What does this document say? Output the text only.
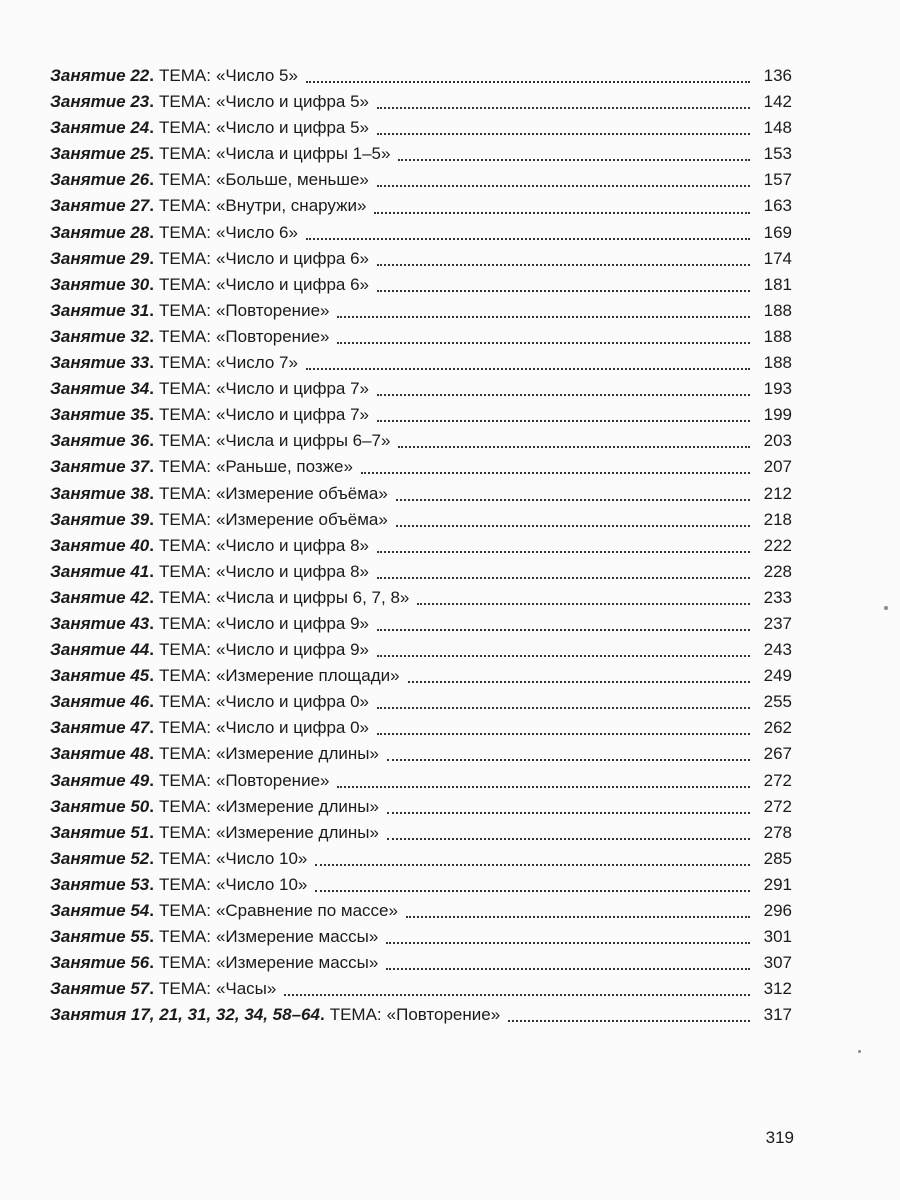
Занятие 22 . ТЕМА: «Число 5»	136
Занятие 23 . ТЕМА: «Число и цифра 5»	142
Занятие 24 . ТЕМА: «Число и цифра 5»	148
Занятие 25 . ТЕМА: «Числа и цифры 1–5»	153
Занятие 26 . ТЕМА: «Больше, меньше»	157
Занятие 27 . ТЕМА: «Внутри, снаружи»	163
Занятие 28 . ТЕМА: «Число 6»	169
Занятие 29 . ТЕМА: «Число и цифра 6»	174
Занятие 30 . ТЕМА: «Число и цифра 6»	181
Занятие 31 . ТЕМА: «Повторение»	188
Занятие 32 . ТЕМА: «Повторение»	188
Занятие 33 . ТЕМА: «Число 7»	188
Занятие 34 . ТЕМА: «Число и цифра 7»	193
Занятие 35 . ТЕМА: «Число и цифра 7»	199
Занятие 36 . ТЕМА: «Числа и цифры 6–7»	203
Занятие 37 . ТЕМА: «Раньше, позже»	207
Занятие 38 . ТЕМА: «Измерение объёма»	212
Занятие 39 . ТЕМА: «Измерение объёма»	218
Занятие 40 . ТЕМА: «Число и цифра 8»	222
Занятие 41 . ТЕМА: «Число и цифра 8»	228
Занятие 42 . ТЕМА: «Числа и цифры 6, 7, 8»	233
Занятие 43 . ТЕМА: «Число и цифра 9»	237
Занятие 44 . ТЕМА: «Число и цифра 9»	243
Занятие 45 . ТЕМА: «Измерение площади»	249
Занятие 46 . ТЕМА: «Число и цифра 0»	255
Занятие 47 . ТЕМА: «Число и цифра 0»	262
Занятие 48 . ТЕМА: «Измерение длины»	267
Занятие 49 . ТЕМА: «Повторение»	272
Занятие 50 . ТЕМА: «Измерение длины»	272
Занятие 51 . ТЕМА: «Измерение длины»	278
Занятие 52 . ТЕМА: «Число 10»	285
Занятие 53 . ТЕМА: «Число 10»	291
Занятие 54 . ТЕМА: «Сравнение по массе»	296
Занятие 55 . ТЕМА: «Измерение массы»	301
Занятие 56 . ТЕМА: «Измерение массы»	307
Занятие 57 . ТЕМА: «Часы»	312
Занятия 17, 21, 31, 32, 34, 58–64 . ТЕМА: «Повторение»	317
319
